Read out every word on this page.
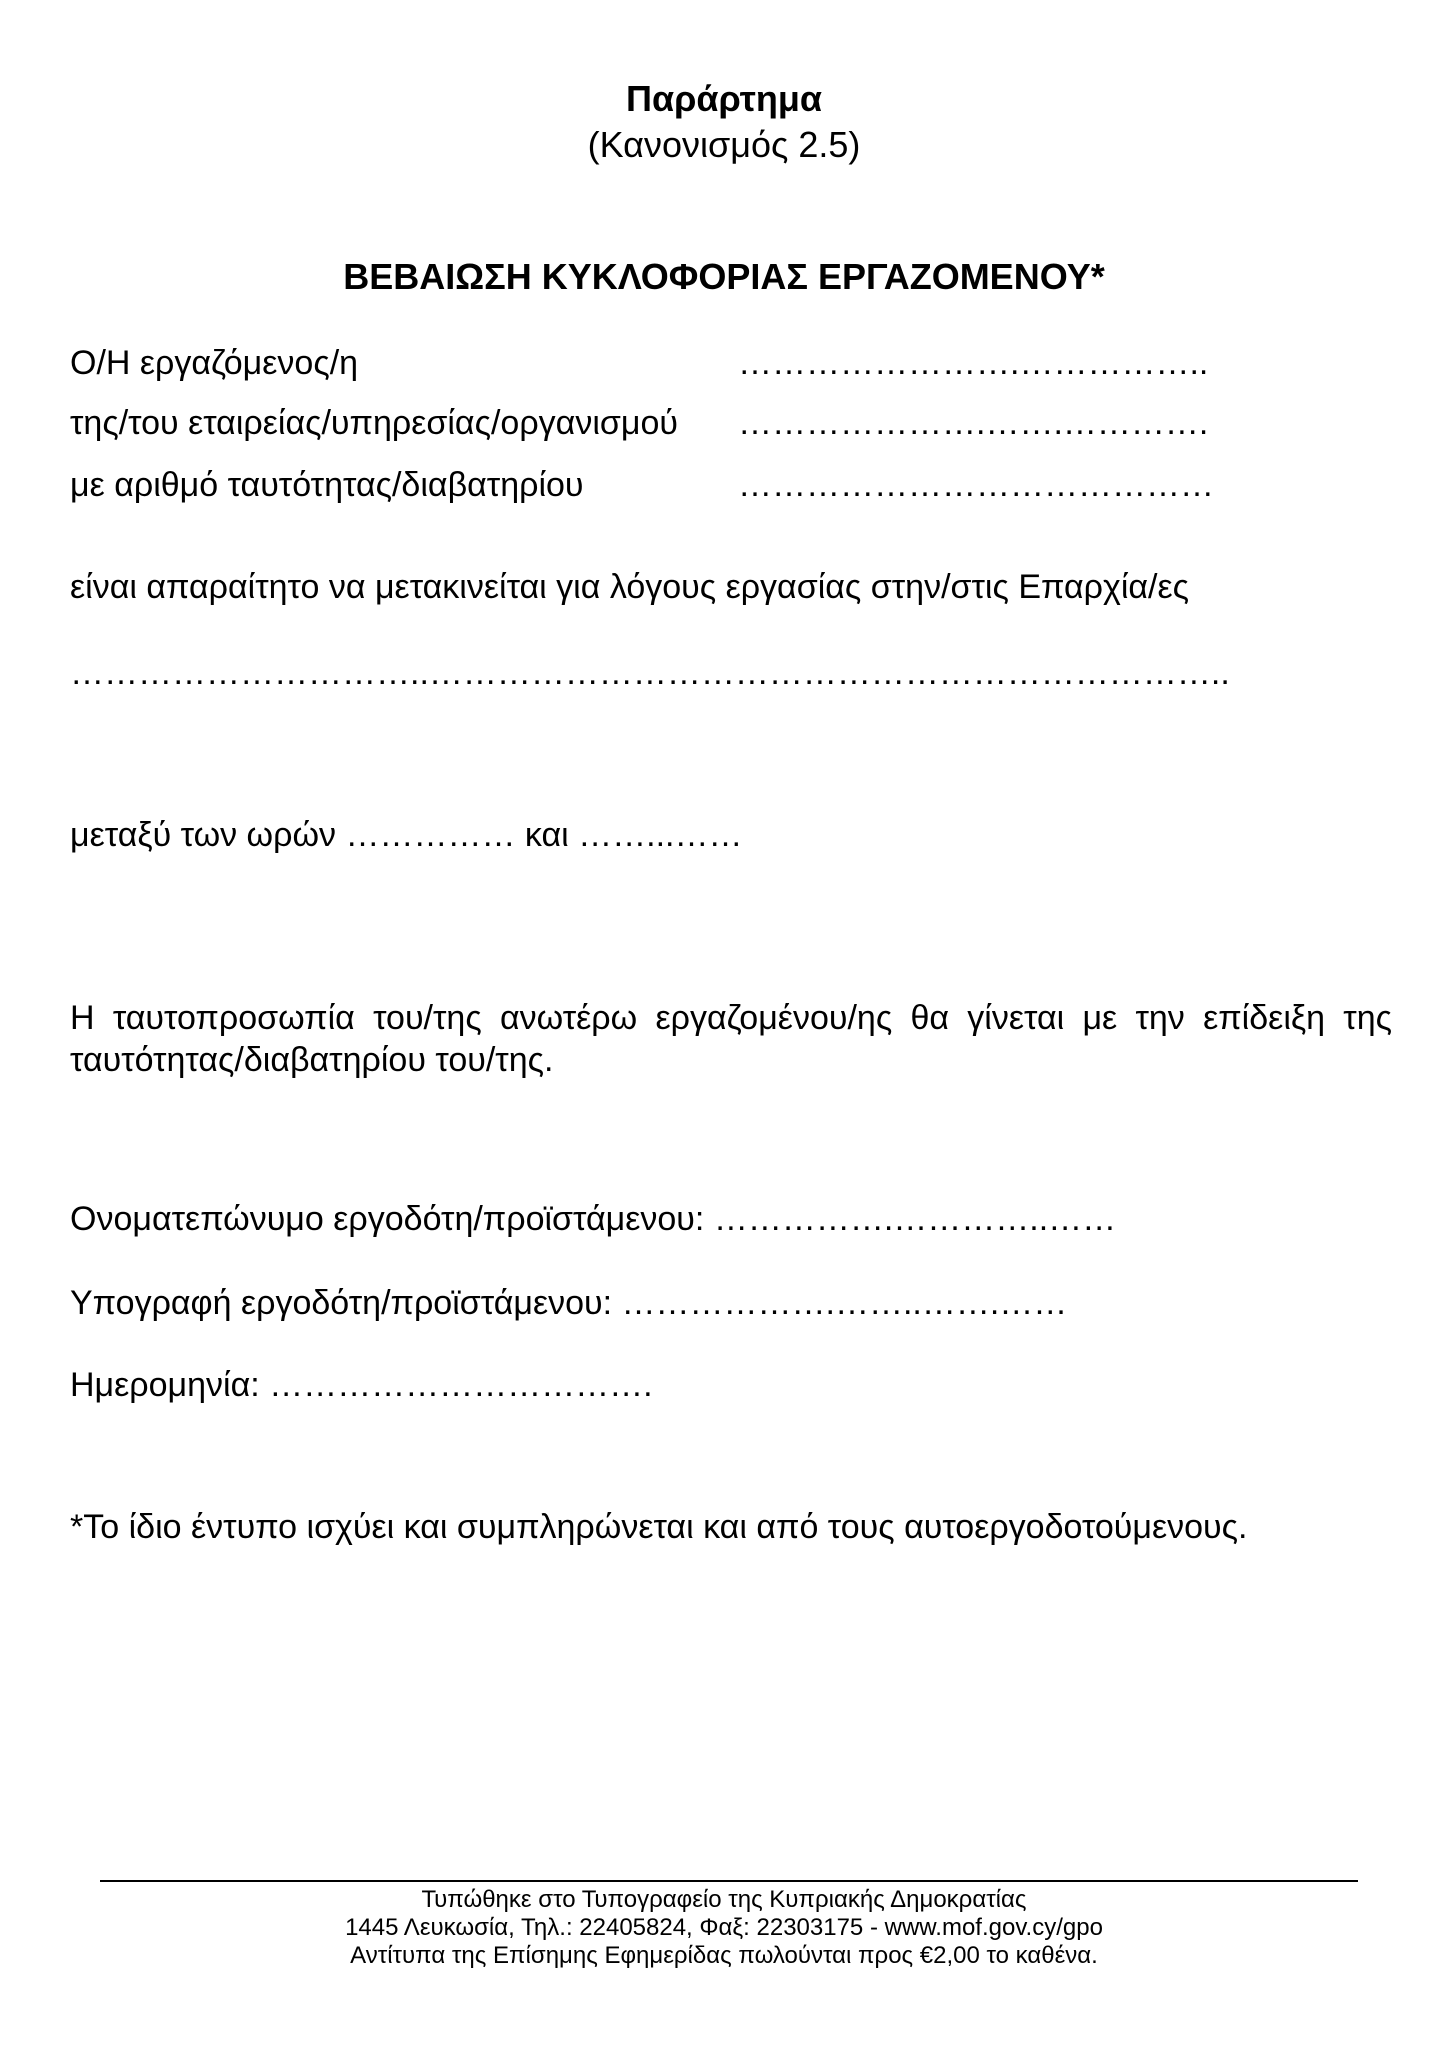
Παράρτημα

(Κανονισμός 2.5)

ΒΕΒΑΙΩΣΗ ΚΥΚΛΟΦΟΡΙΑΣ ΕΡΓΑΖΟΜΕΝΟΥ*

Ο/Η εργαζόμενος/η	…………………….……………..

της/του εταιρείας/υπηρεσίας/οργανισμού ………………….…….………….

με αριθμό ταυτότητας/διαβατηρίου	……………………………………

είναι απαραίτητο να μετακινείται για λόγους εργασίας στην/στις Επαρχία/ες

…………………………..……………………………………………………………..

μεταξύ των ωρών …………… και ……...……

Η ταυτοπροσωπία του/της ανωτέρω εργαζομένου/ης θα γίνεται με την επίδειξη της ταυτότητας/διαβατηρίου του/της.

Ονοματεπώνυμο εργοδότη/προϊστάμενου: …………….…………..……

Υπογραφή εργοδότη/προϊστάμενου: ……………….……..…….……

Ημερομηνία: …………………………….

*Το ίδιο έντυπο ισχύει και συμπληρώνεται και από τους αυτοεργοδοτούμενους.

Τυπώθηκε στο Τυπογραφείο της Κυπριακής Δημοκρατίας

1445 Λευκωσία, Τηλ.: 22405824, Φαξ: 22303175 - www.mof.gov.cy/gpo

Αντίτυπα της Επίσημης Εφημερίδας πωλούνται προς €2,00 το καθένα.
